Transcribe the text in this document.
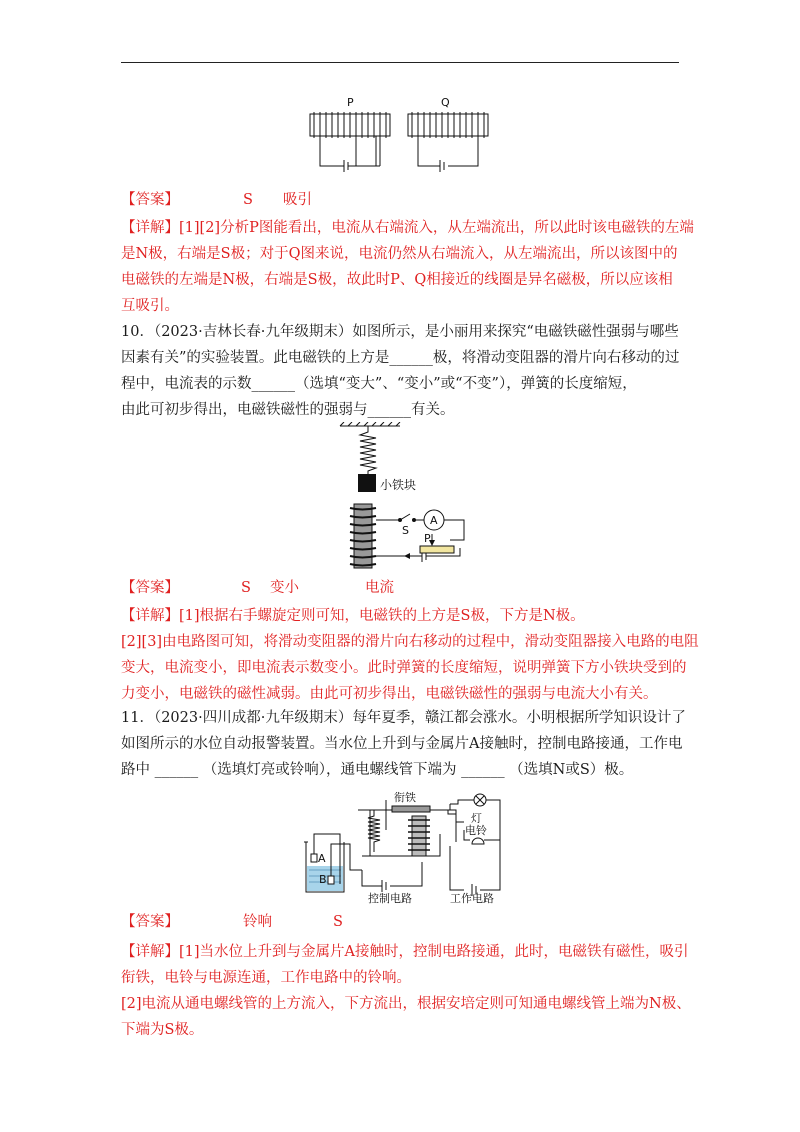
P	Q
【答案】	S 吸引
【详解】[1][2]分析P图能看出，电流从右端流入，从左端流出，所以此时该电磁铁的左端
是N极，右端是S极；对于Q图来说，电流仍然从右端流入，从左端流出，所以该图中的
电磁铁的左端是N极，右端是S极，故此时P、Q相接近的线圈是异名磁极，所以应该相
互吸引。
10．（2023·吉林长春·九年级期末）如图所示，是小丽用来探究“电磁铁磁性强弱与哪些
因素有关”的实验装置。此电磁铁的上方是______极，将滑动变阻器的滑片向右移动的过
程中，电流表的示数______（选填“变大”、“变小”或“不变”），弹簧的长度缩短，
由此可初步得出，电磁铁磁性的强弱与______有关。
小铁块
S
A
P
【答案】	S 变小	电流
【详解】[1]根据右手螺旋定则可知，电磁铁的上方是S极，下方是N极。
[2][3]由电路图可知，将滑动变阻器的滑片向右移动的过程中，滑动变阻器接入电路的电阻
变大，电流变小，即电流表示数变小。此时弹簧的长度缩短，说明弹簧下方小铁块受到的
力变小，电磁铁的磁性减弱。由此可初步得出，电磁铁磁性的强弱与电流大小有关。
11．（2023·四川成都·九年级期末）每年夏季，赣江都会涨水。小明根据所学知识设计了
如图所示的水位自动报警装置。当水位上升到与金属片A接触时，控制电路接通，工作电
路中 ______ （选填灯亮或铃响），通电螺线管下端为 ______ （选填N或S）极。
A
B
衔铁
灯
电铃
控制电路	工作电路
【答案】	铃响	S
【详解】[1]当水位上升到与金属片A接触时，控制电路接通，此时，电磁铁有磁性，吸引
衔铁，电铃与电源连通，工作电路中的铃响。
[2]电流从通电螺线管的上方流入，下方流出，根据安培定则可知通电螺线管上端为N极、
下端为S极。
